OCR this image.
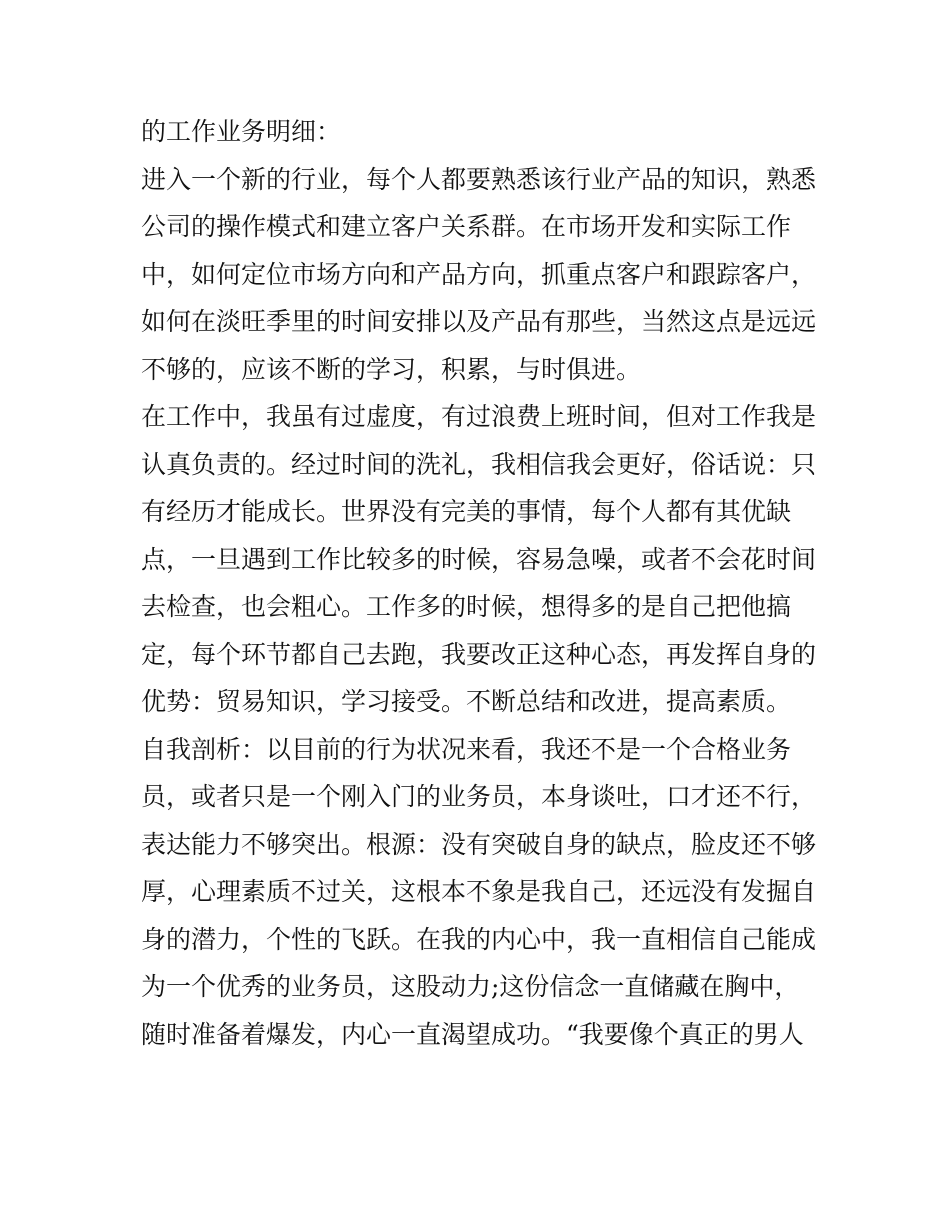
的工作业务明细：
进入一个新的行业，每个人都要熟悉该行业产品的知识，熟悉
公司的操作模式和建立客户关系群。在市场开发和实际工作
中，如何定位市场方向和产品方向，抓重点客户和跟踪客户，
如何在淡旺季里的时间安排以及产品有那些，当然这点是远远
不够的，应该不断的学习，积累，与时俱进。
在工作中，我虽有过虚度，有过浪费上班时间，但对工作我是
认真负责的。经过时间的洗礼，我相信我会更好，俗话说：只
有经历才能成长。世界没有完美的事情，每个人都有其优缺
点，一旦遇到工作比较多的时候，容易急噪，或者不会花时间
去检查，也会粗心。工作多的时候，想得多的是自己把他搞
定，每个环节都自己去跑，我要改正这种心态，再发挥自身的
优势：贸易知识，学习接受。不断总结和改进，提高素质。
自我剖析：以目前的行为状况来看，我还不是一个合格业务
员，或者只是一个刚入门的业务员，本身谈吐，口才还不行，
表达能力不够突出。根源：没有突破自身的缺点，脸皮还不够
厚，心理素质不过关，这根本不象是我自己，还远没有发掘自
身的潜力，个性的飞跃。在我的内心中，我一直相信自己能成
为一个优秀的业务员，这股动力;这份信念一直储藏在胸中，
随时准备着爆发，内心一直渴望成功。“我要像个真正的男人
